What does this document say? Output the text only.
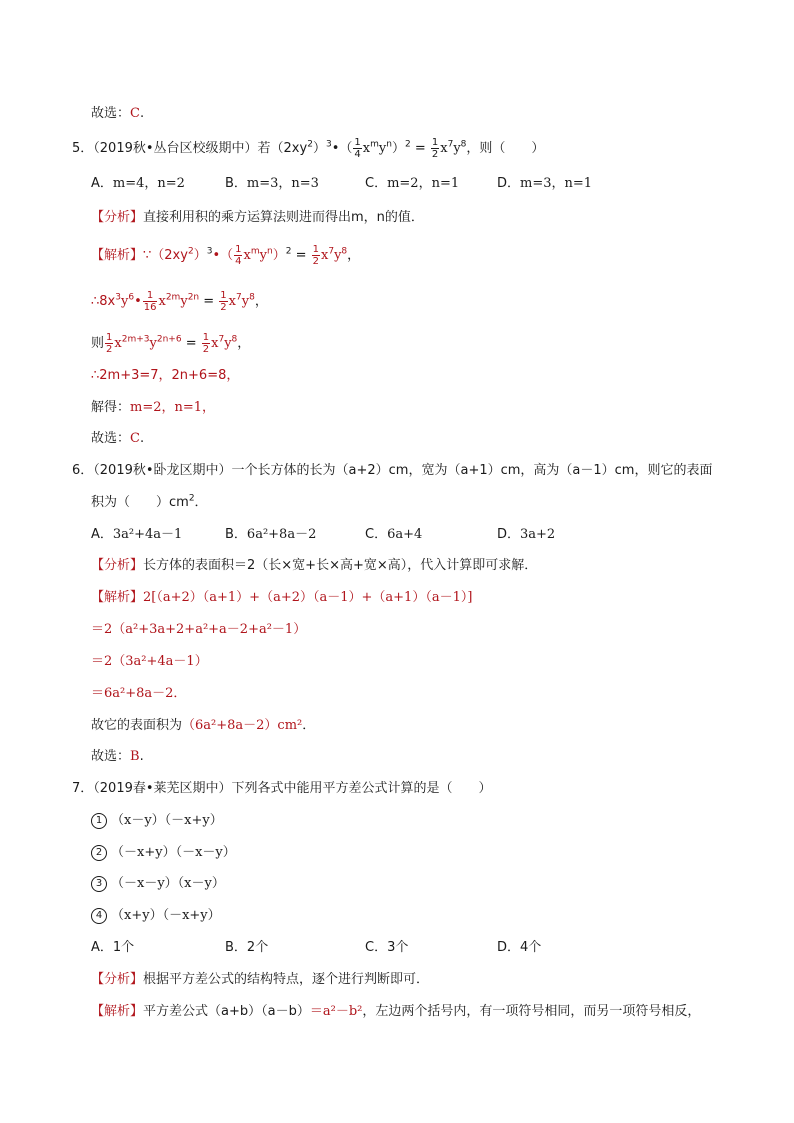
故选：C.
5．（2019秋•丛台区校级期中）若$(2xy^2)^3•( \frac{1}{4} x^my^n)^2 = \frac{1}{2} x^7y^8$，则（　　）
A．m=4，n=2	B．m=3，n=3	C．m=2，n=1	D．m=3，n=1
【分析】直接利用积的乘方运算法则进而得出m，n的值．
【解析】$\because(2xy^2)^3•( \frac{1}{4} x^my^n)^2 = \frac{1}{2} x^7y^8$，
$\therefore 8x^3y^6• \frac{1}{16} x^{2m}y^{2n} = \frac{1}{2} x^7y^8$，
则 $\frac{1}{2} x^{2m+3}y^{2n+6} = \frac{1}{2} x^7y^8$，
∴2m+3=7，2n+6=8，
解得：m=2，n=1，
故选：C.
6．（2019秋•卧龙区期中）一个长方体的长为（a+2）cm，宽为（a+1）cm，高为（a－1）cm，则它的表面
积为（　　）$cm^2$．
A．3a²+4a－1	B．6a²+8a－2	C．6a+4	D．3a+2
【分析】长方体的表面积＝2（长×宽+长×高+宽×高），代入计算即可求解．
【解析】2[（a+2）（a+1）+（a+2）（a－1）+（a+1）（a－1）]
＝2（a²+3a+2+a²+a－2+a²－1）
＝2（3a²+4a－1）
＝6a²+8a－2．
故它的表面积为（6a²+8a－2）cm²．
故选：B.
7．（2019春•莱芜区期中）下列各式中能用平方差公式计算的是（　　）
1 （x－y）（－x+y）
2 （－x+y）（－x－y）
3 （－x－y）（x－y）
4 （x+y）（－x+y）
A．1个	B．2个	C．3个	D．4个
【分析】根据平方差公式的结构特点，逐个进行判断即可．
【解析】平方差公式（a+b）（a－b）＝a²－b²，左边两个括号内，有一项符号相同，而另一项符号相反，
